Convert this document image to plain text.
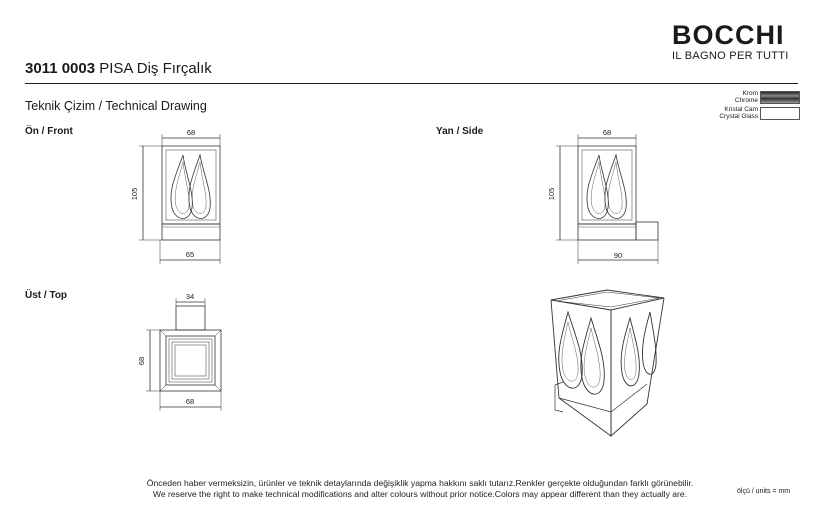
3011 0003 PISA Diş Fırçalık
BOCCHI
IL BAGNO PER TUTTI
Teknik Çizim / Technical Drawing
Krom
Chrome
Kristal Cam
Crystal Glass
Ön / Front	Yan / Side
Üst / Top
68
105
65
68
105
90
34
68
68
Önceden haber vermeksizin, ürünler ve teknik detaylarında değişiklik yapma hakkını saklı tutarız.Renkler gerçekte olduğundan farklı görünebilir.
We reserve the right to make technical modifications and alter colours without prior notice.Colors may appear different than they actually are.	ölçü / units = mm
